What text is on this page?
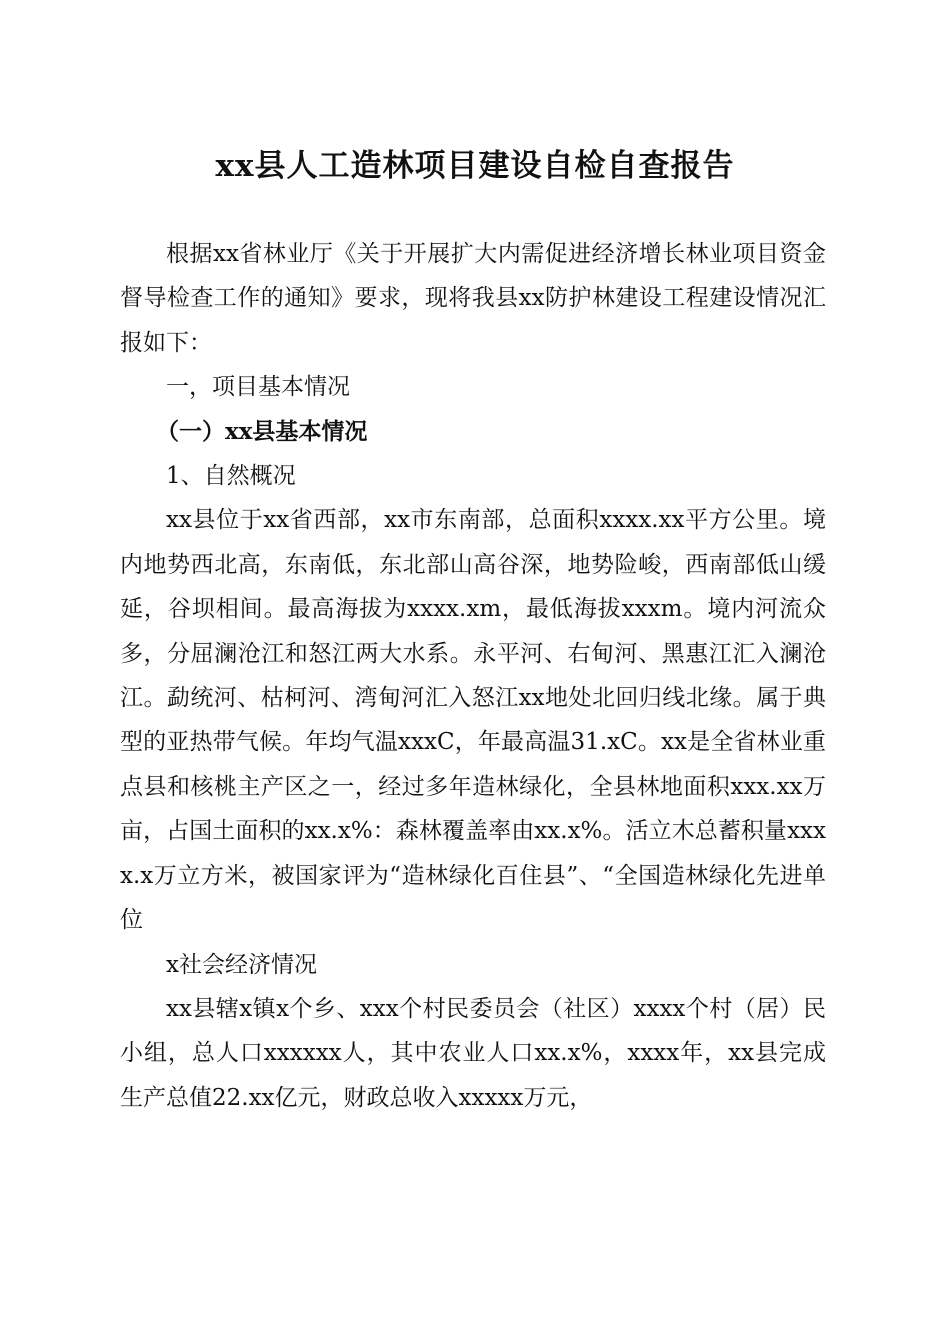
xx县人工造林项目建设自检自查报告

根据xx省林业厅《关于开展扩大内需促进经济增长林业项目资金督导检查工作的通知》要求，现将我县xx防护林建设工程建设情况汇报如下：

一，项目基本情况

（一）xx县基本情况

1、自然概况

xx县位于xx省西部，xx市东南部，总面积xxxx.xx平方公里。境内地势西北高，东南低，东北部山高谷深，地势险峻，西南部低山缓延，谷坝相间。最高海拔为xxxx.xm，最低海拔xxxm。境内河流众多，分屈澜沧江和怒江两大水系。永平河、右甸河、黑惠江汇入澜沧江。勐统河、枯柯河、湾甸河汇入怒江xx地处北回归线北缘。属于典型的亚热带气候。年均气温xxxC，年最高温31.xC。xx是全省林业重点县和核桃主产区之一，经过多年造林绿化，全县林地面积xxx.xx万亩，占国土面积的xx.x%：森林覆盖率由xx.x%。活立木总蓄积量xxxx.x万立方米，被国家评为“造林绿化百住县”、“全国造林绿化先进单位

x社会经济情况

xx县辖x镇x个乡、xxx个村民委员会（社区）xxxx个村（居）民小组，总人口xxxxxx人，其中农业人口xx.x%，xxxx年，xx县完成生产总值22.xx亿元，财政总收入xxxxx万元，
